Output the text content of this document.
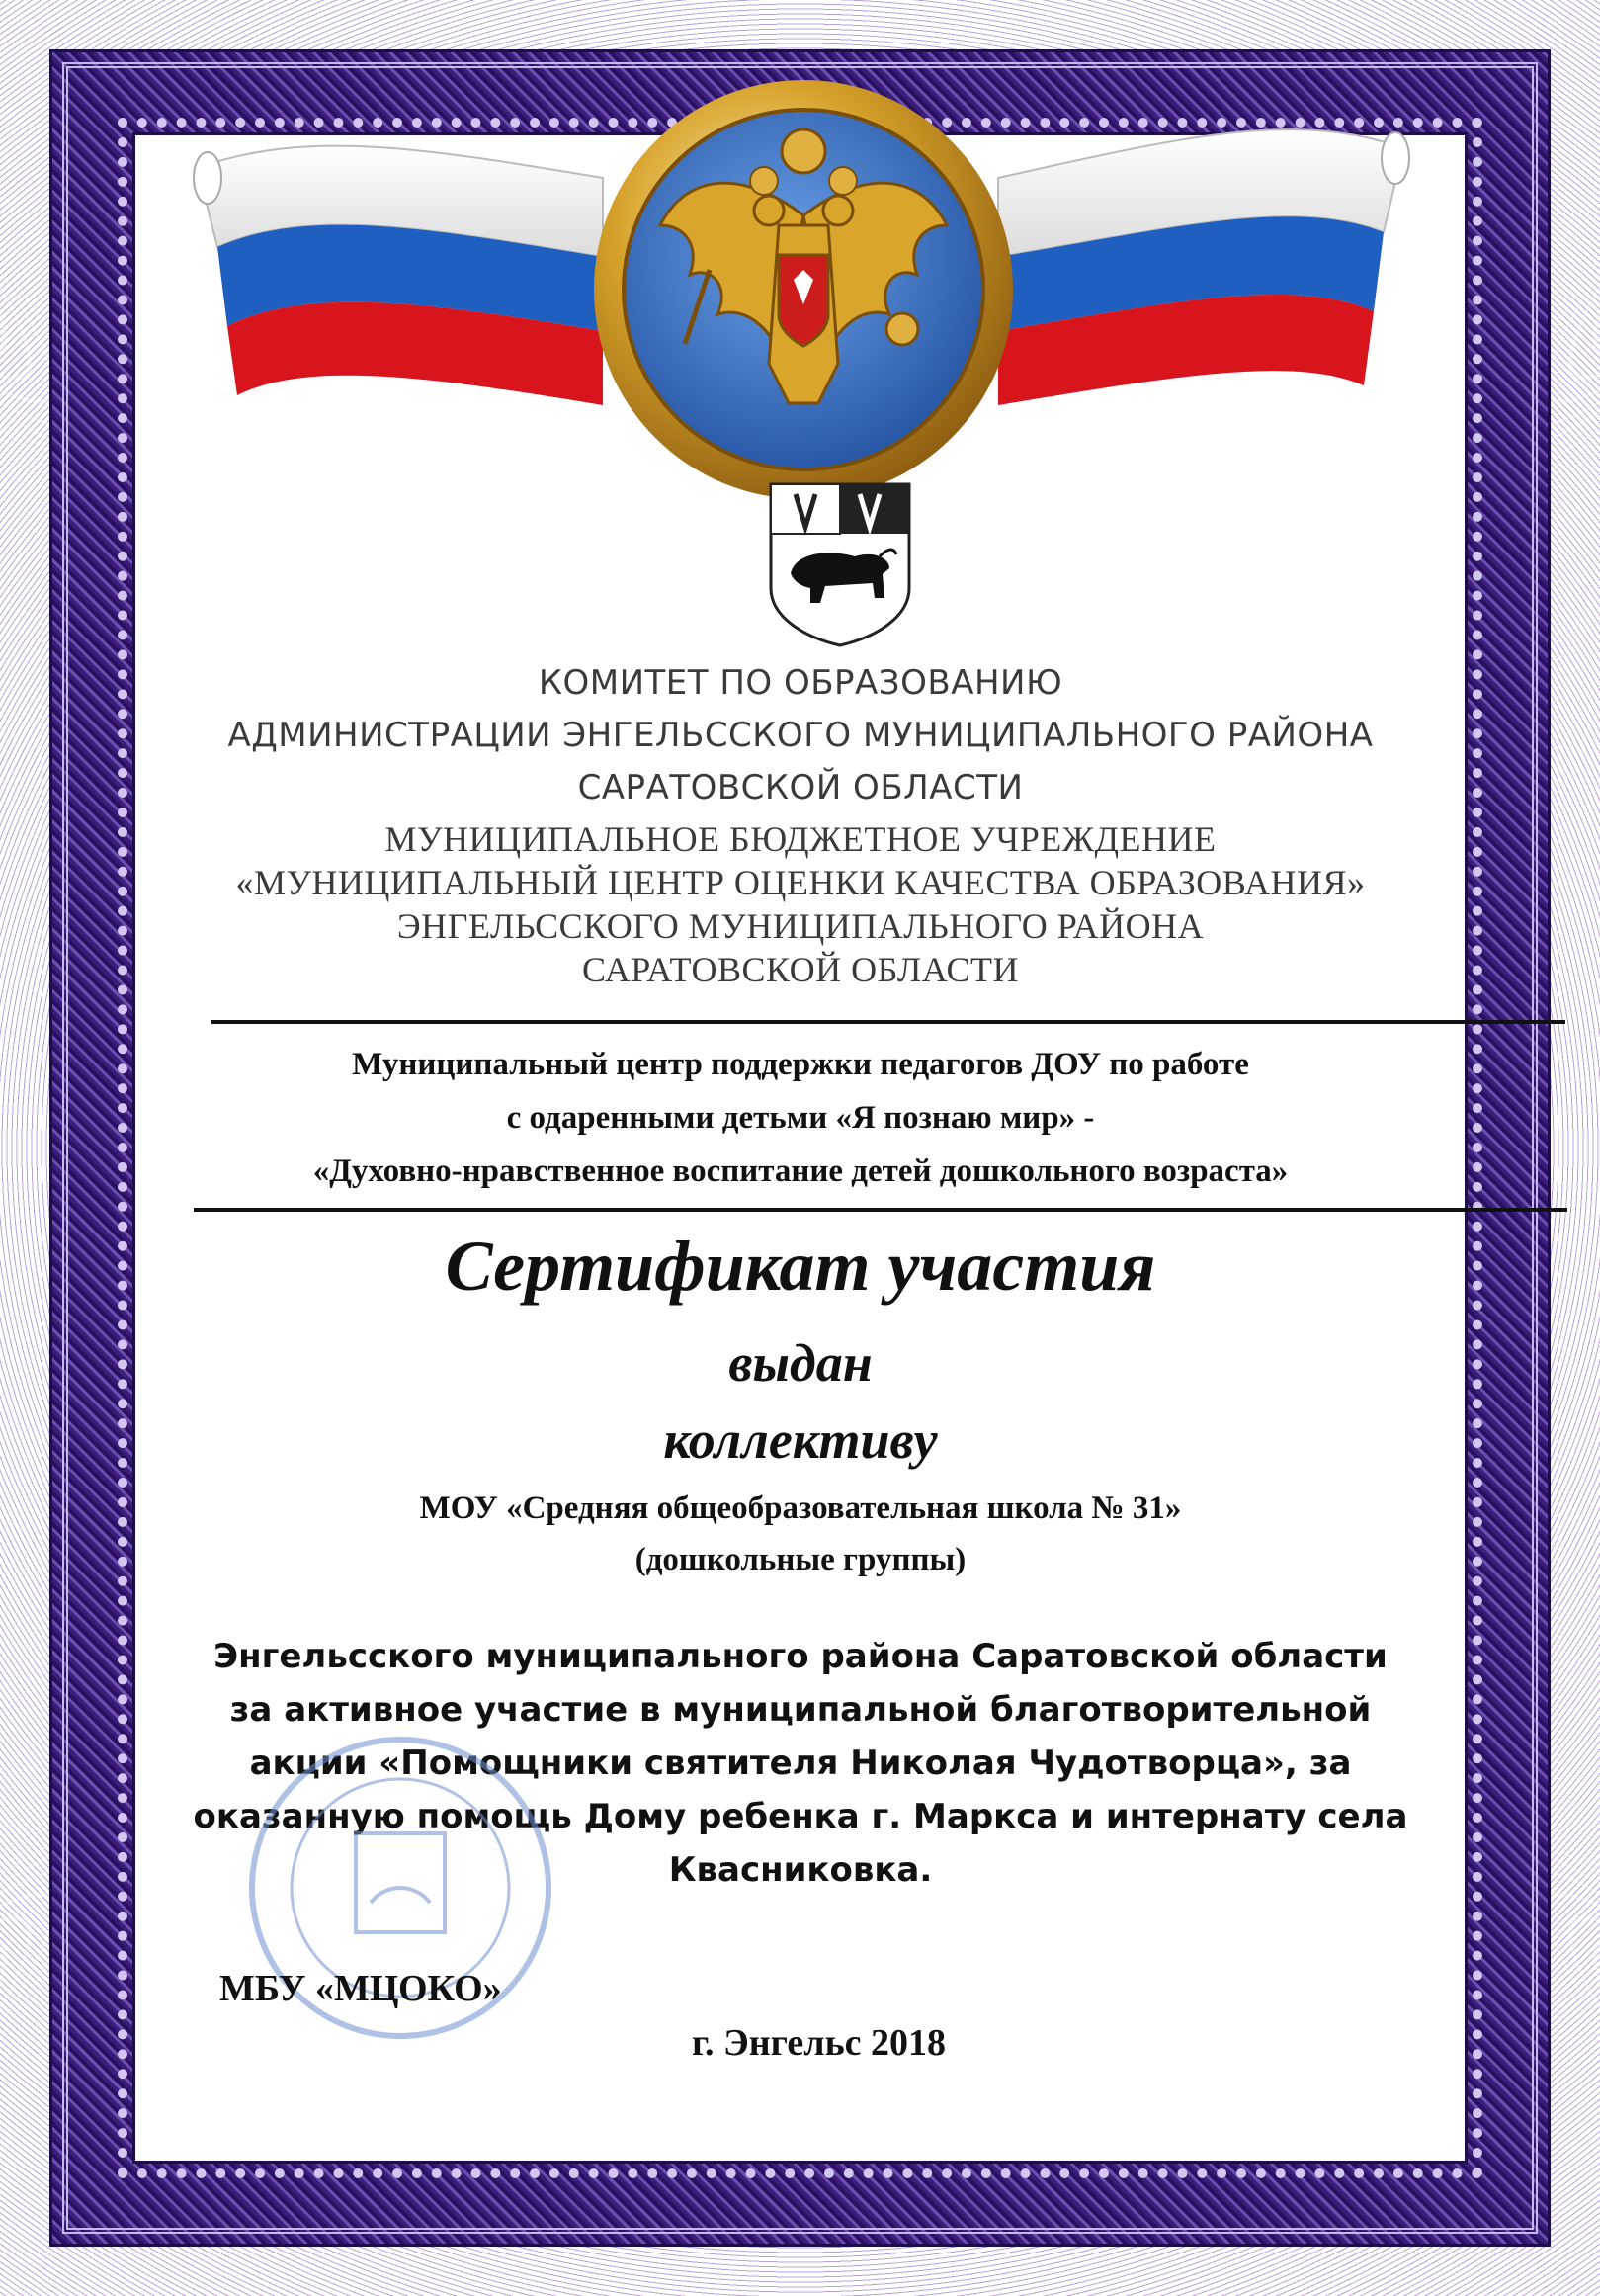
КОМИТЕТ ПО ОБРАЗОВАНИЮ
АДМИНИСТРАЦИИ ЭНГЕЛЬССКОГО МУНИЦИПАЛЬНОГО РАЙОНА
САРАТОВСКОЙ ОБЛАСТИ
МУНИЦИПАЛЬНОЕ БЮДЖЕТНОЕ УЧРЕЖДЕНИЕ
«МУНИЦИПАЛЬНЫЙ ЦЕНТР ОЦЕНКИ КАЧЕСТВА ОБРАЗОВАНИЯ»
ЭНГЕЛЬССКОГО МУНИЦИПАЛЬНОГО РАЙОНА
САРАТОВСКОЙ ОБЛАСТИ
Муниципальный центр поддержки педагогов ДОУ по работе
с одаренными детьми «Я познаю мир» -
«Духовно-нравственное воспитание детей дошкольного возраста»
Сертификат участия
выдан
коллективу
МОУ «Средняя общеобразовательная школа № 31»
(дошкольные группы)
Энгельсского муниципального района Саратовской области
за активное участие в муниципальной благотворительной
акции «Помощники святителя Николая Чудотворца», за
оказанную помощь Дому ребенка г. Маркса и интернату села
Квасниковка.
МБУ «МЦОКО»
г. Энгельс 2018
